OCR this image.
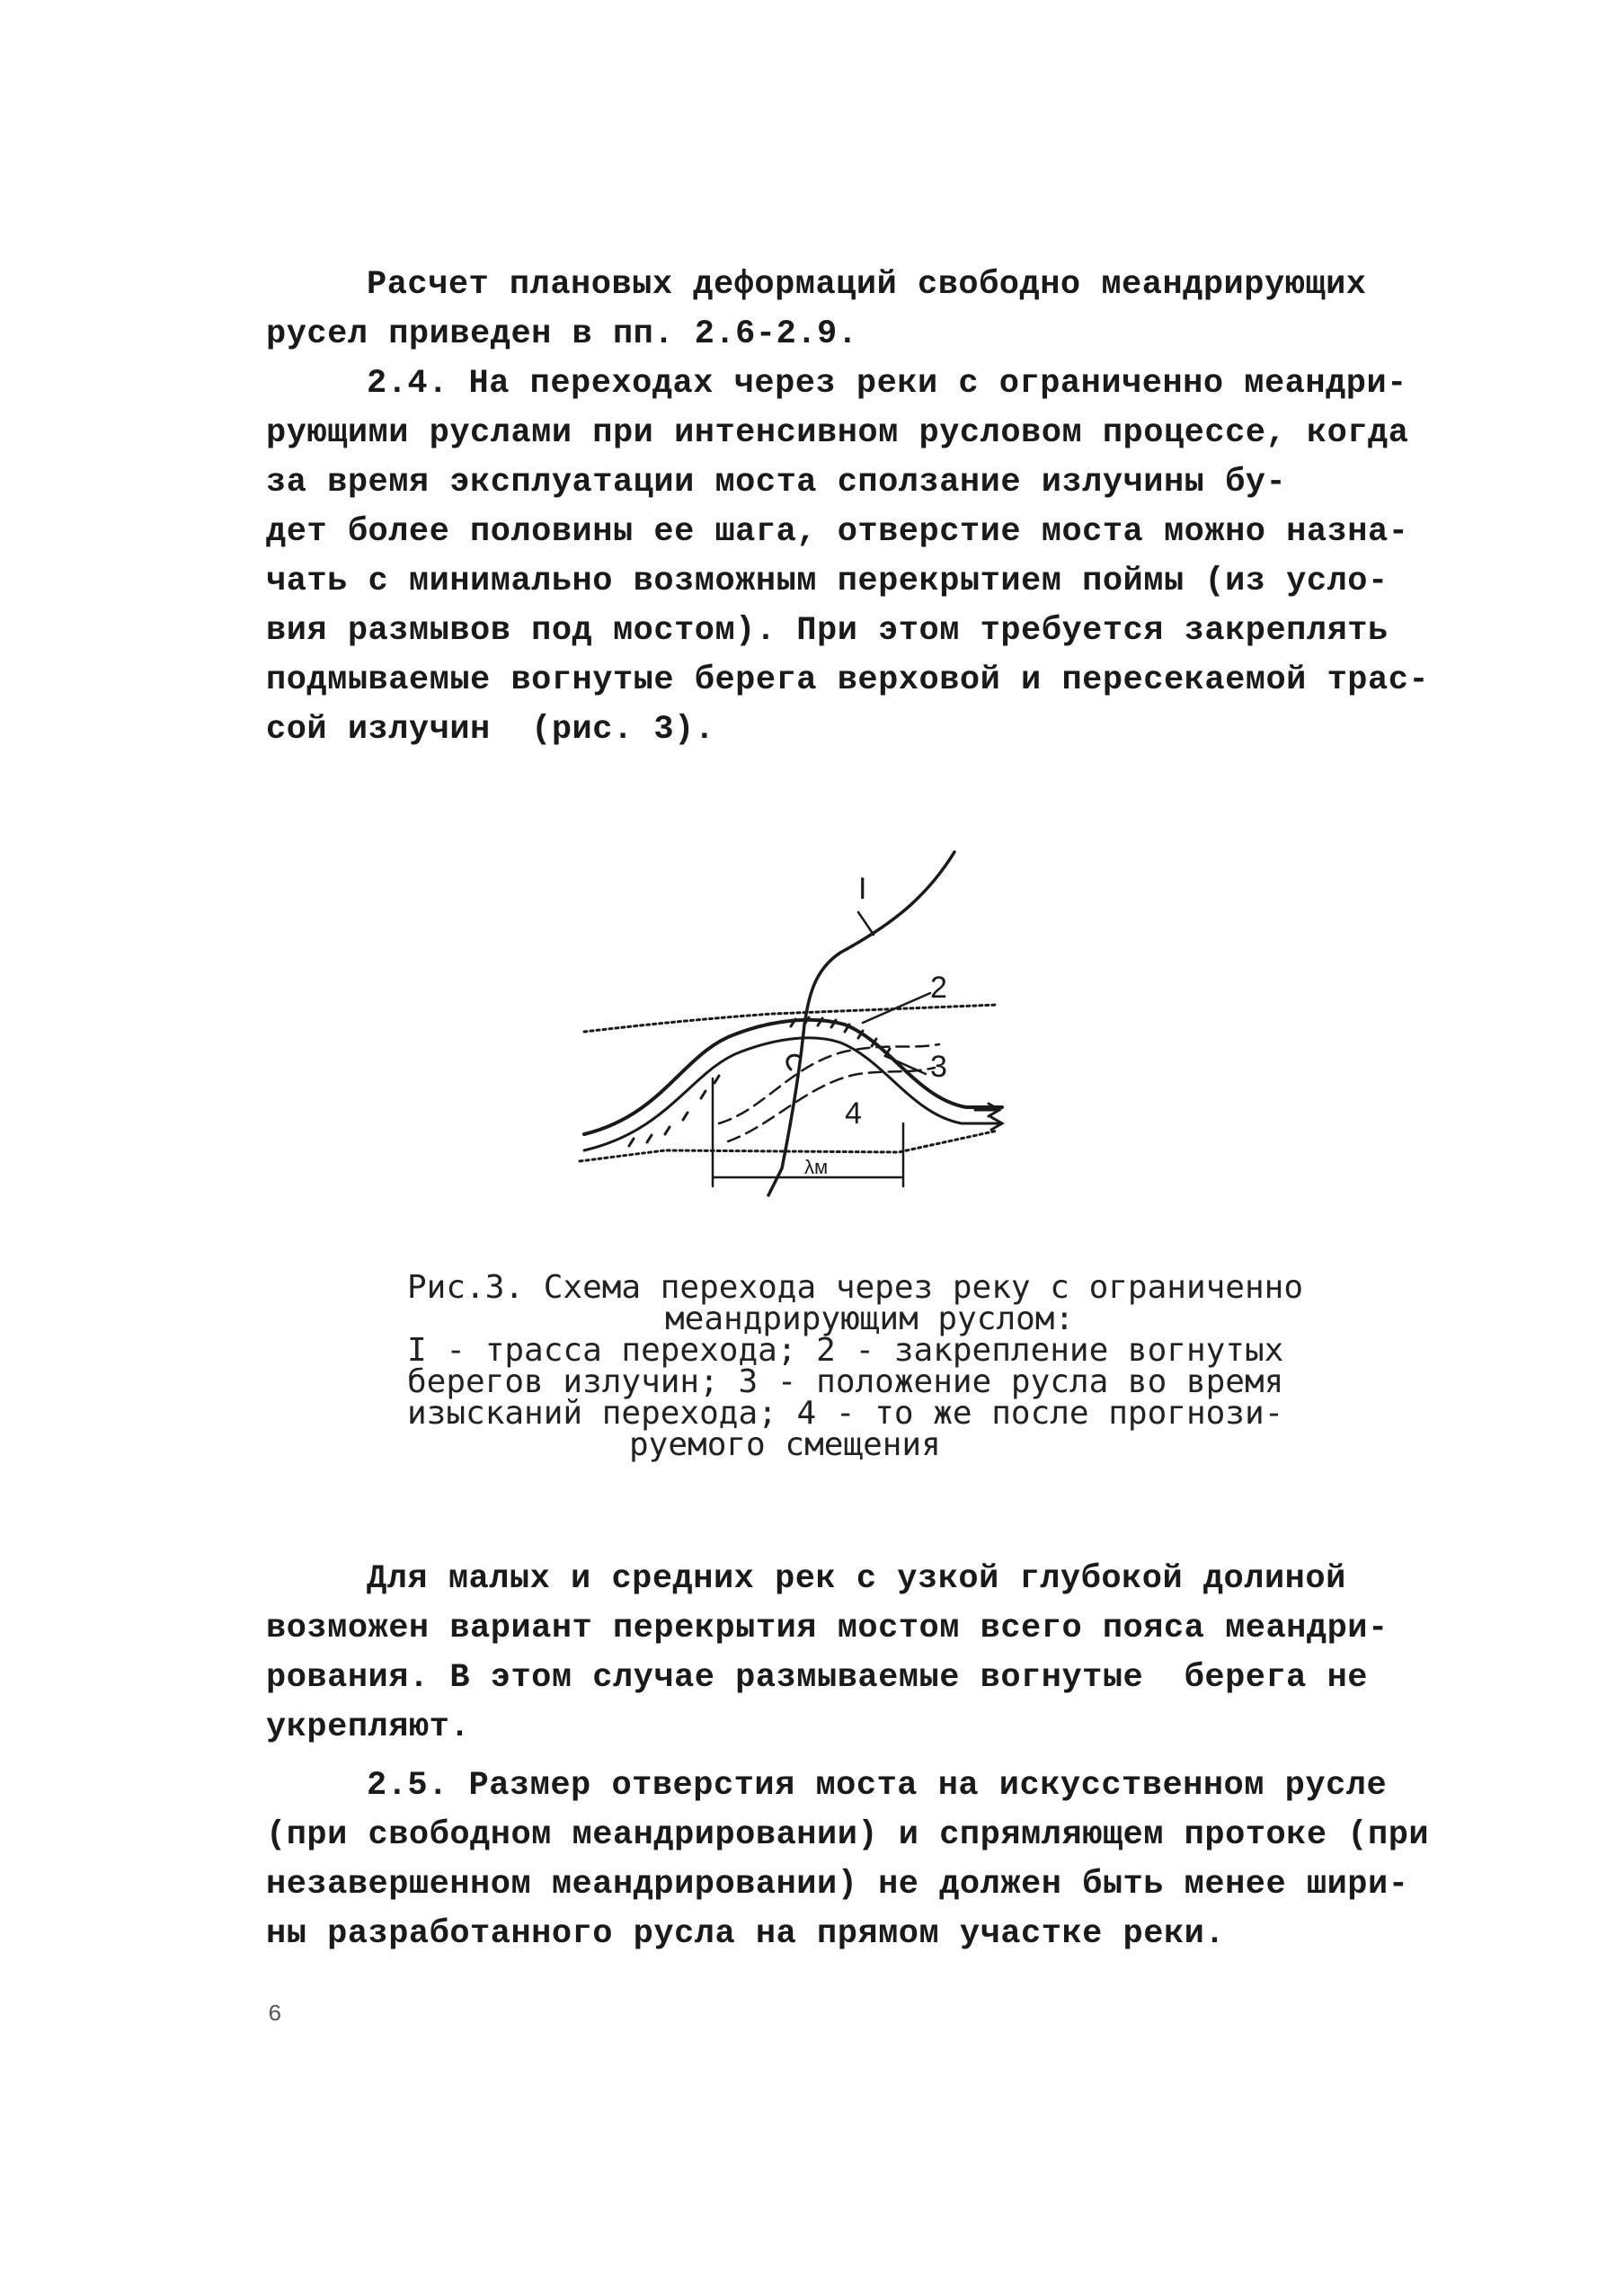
Расчет плановых деформаций свободно меандрирующих
русел приведен в пп. 2.6-2.9.
2.4. На переходах через реки с ограниченно меандри-
рующими руслами при интенсивном русловом процессе, когда
за время эксплуатации моста сползание излучины бу-
дет более половины ее шага, отверстие моста можно назна-
чать с минимально возможным перекрытием поймы (из усло-
вия размывов под мостом). При этом требуется закреплять
подмываемые вогнутые берега верховой и пересекаемой трас-
сой излучин  (рис. 3).
I
2
3
4
λм
Рис.3. Схема перехода через реку с ограниченно
меандрирующим руслом:
I - трасса перехода; 2 - закрепление вогнутых
берегов излучин; 3 - положение русла во время
изысканий перехода; 4 - то же после прогнози-
руемого смещения
Для малых и средних рек с узкой глубокой долиной
возможен вариант перекрытия мостом всего пояса меандри-
рования. В этом случае размываемые вогнутые  берега не
укрепляют.
2.5. Размер отверстия моста на искусственном русле
(при свободном меандрировании) и спрямляющем протоке (при
незавершенном меандрировании) не должен быть менее шири-
ны разработанного русла на прямом участке реки.
6
